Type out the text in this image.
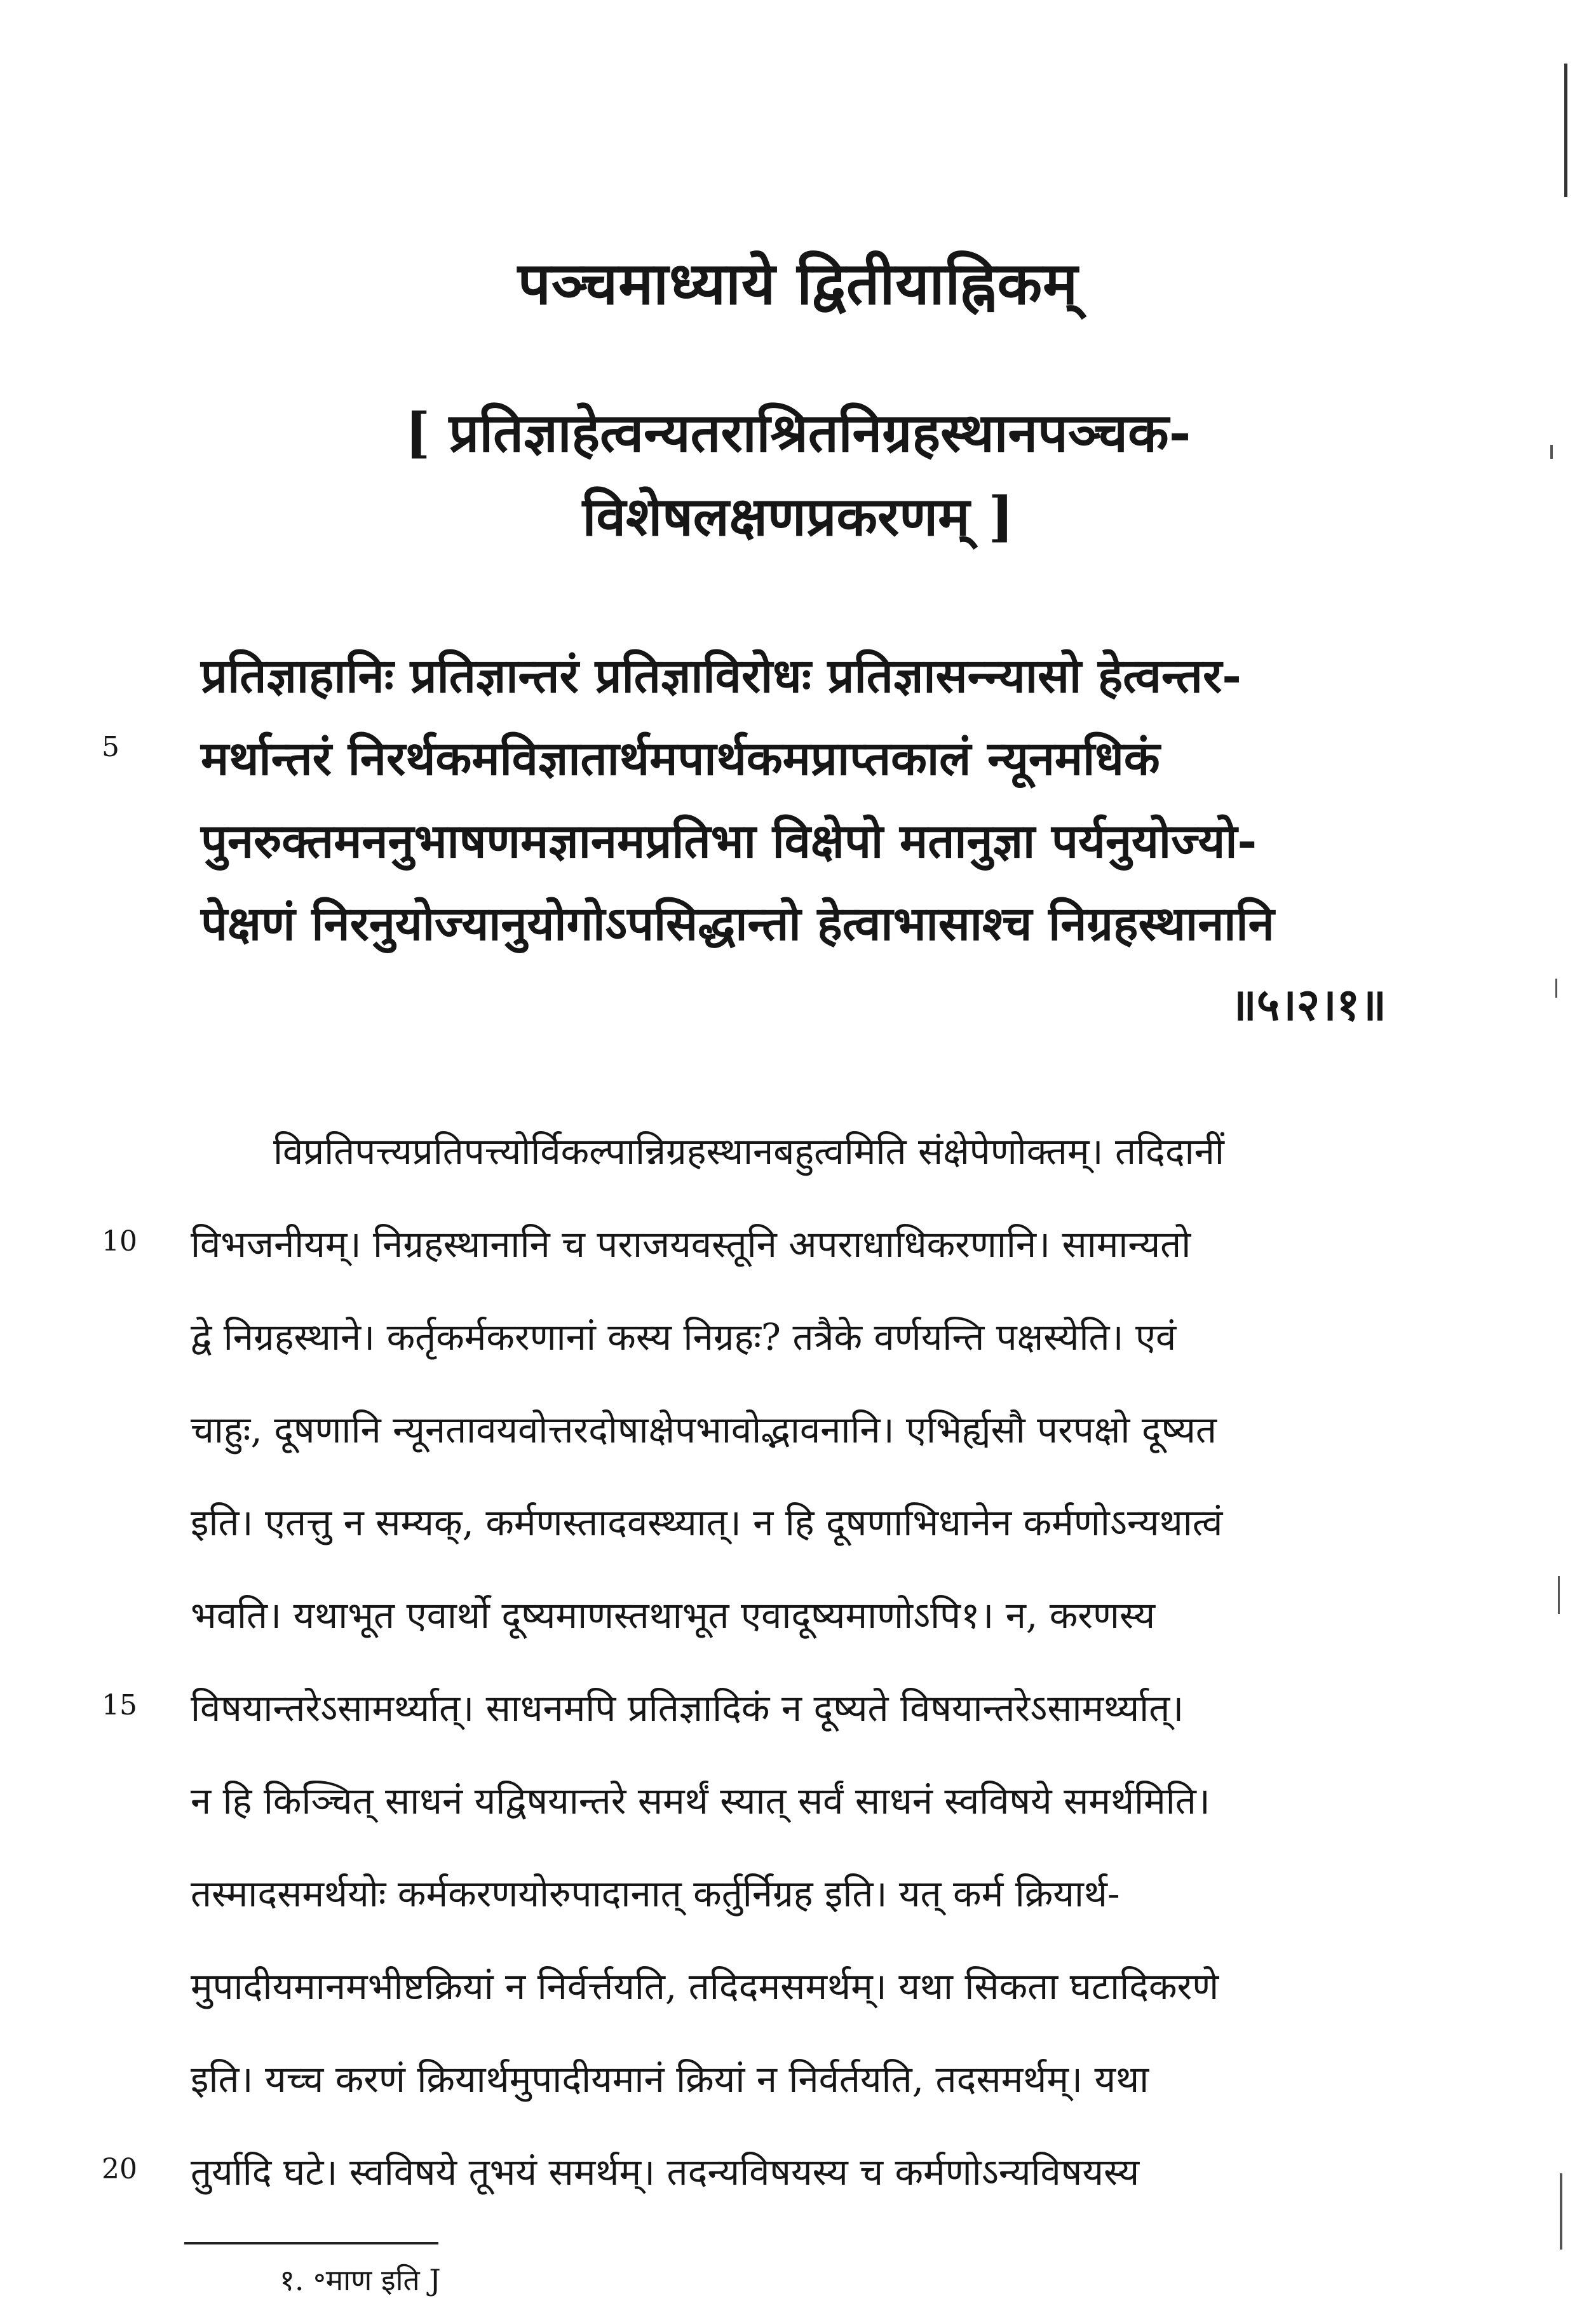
पञ्चमाध्याये द्वितीयाह्निकम्
[ प्रतिज्ञाहेत्वन्यतराश्रितनिग्रहस्थानपञ्चक-
विशेषलक्षणप्रकरणम् ]
प्रतिज्ञाहानिः प्रतिज्ञान्तरं प्रतिज्ञाविरोधः प्रतिज्ञासन्न्यासो हेत्वन्तर-
5 मर्थान्तरं निरर्थकमविज्ञातार्थमपार्थकमप्राप्तकालं न्यूनमधिकं
पुनरुक्तमननुभाषणमज्ञानमप्रतिभा विक्षेपो मतानुज्ञा पर्यनुयोज्यो-
पेक्षणं निरनुयोज्यानुयोगोऽपसिद्धान्तो हेत्वाभासाश्च निग्रहस्थानानि
॥५।२।१॥
विप्रतिपत्त्यप्रतिपत्त्योर्विकल्पान्निग्रहस्थानबहुत्वमिति संक्षेपेणोक्तम्। तदिदानीं
विभजनीयम्। निग्रहस्थानानि च पराजयवस्तूनि अपराधाधिकरणानि। सामान्यतो
10
द्वे निग्रहस्थाने। कर्तृकर्मकरणानां कस्य निग्रहः? तत्रैके वर्णयन्ति पक्षस्येति। एवं
चाहुः, दूषणानि न्यूनतावयवोत्तरदोषाक्षेपभावोद्भावनानि। एभिर्ह्यसौ परपक्षो दूष्यत
इति। एतत्तु न सम्यक्, कर्मणस्तादवस्थ्यात्। न हि दूषणाभिधानेन कर्मणोऽन्यथात्वं
भवति। यथाभूत एवार्थो दूष्यमाणस्तथाभूत एवादूष्यमाणोऽपि१। न, करणस्य
विषयान्तरेऽसामर्थ्यात्। साधनमपि प्रतिज्ञादिकं न दूष्यते विषयान्तरेऽसामर्थ्यात्।
15
न हि किञ्चित् साधनं यद्विषयान्तरे समर्थं स्यात् सर्वं साधनं स्वविषये समर्थमिति।
तस्मादसमर्थयोः कर्मकरणयोरुपादानात् कर्तुर्निग्रह इति। यत् कर्म क्रियार्थ-
मुपादीयमानमभीष्टक्रियां न निर्वर्त्तयति, तदिदमसमर्थम्। यथा सिकता घटादिकरणे
इति। यच्च करणं क्रियार्थमुपादीयमानं क्रियां न निर्वर्तयति, तदसमर्थम्। यथा
तुर्यादि घटे। स्वविषये तूभयं समर्थम्। तदन्यविषयस्य च कर्मणोऽन्यविषयस्य
20
१. ॰माण इति J
